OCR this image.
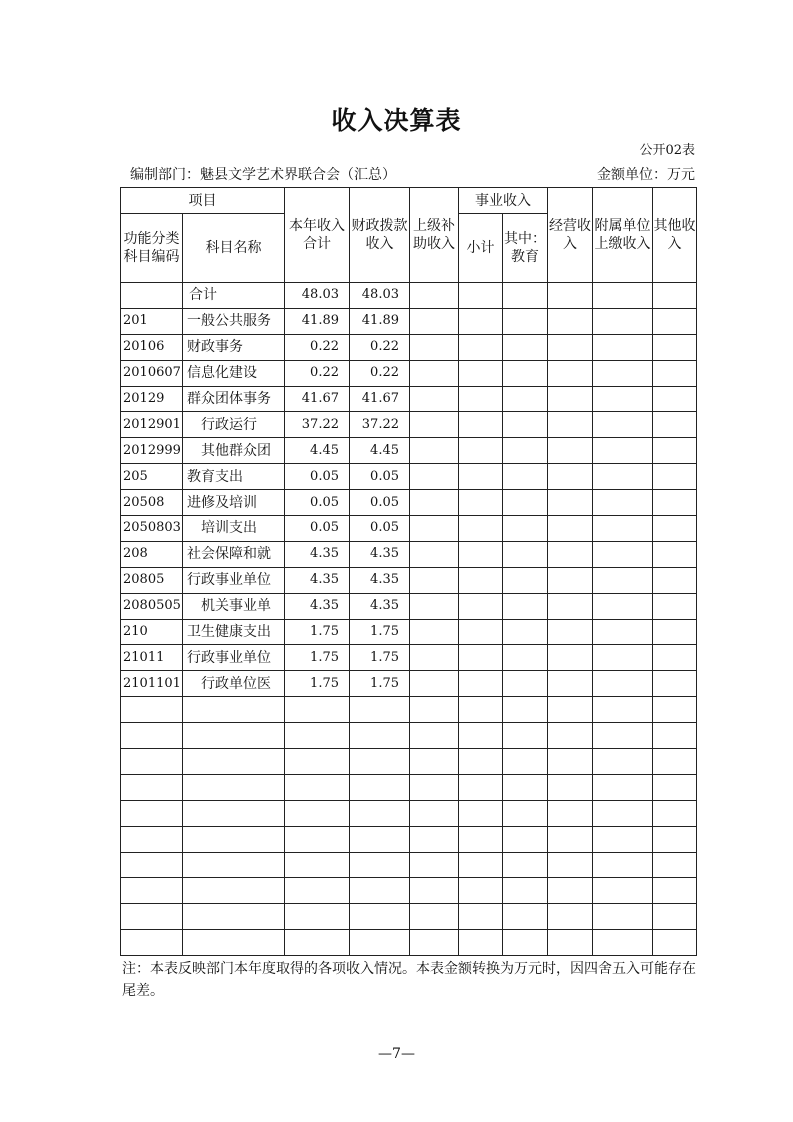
收入决算表
公开02表
编制部门：魅县文学艺术界联合会（汇总）	金额单位：万元
项目		本年收入合计	财政拨款收入	上级补助收入	事业收入		经营收入	附属单位上缴收入	其他收入
功能分类科目编码	科目名称				小计	其中：教育			

	合计	48.03	48.03						
201	一般公共服务	41.89	41.89						
20106	财政事务	0.22	0.22						
2010607	信息化建设	0.22	0.22						
20129	群众团体事务	41.67	41.67						
2012901	行政运行	37.22	37.22						
2012999	其他群众团	4.45	4.45						
205	教育支出	0.05	0.05						
20508	进修及培训	0.05	0.05						
2050803	培训支出	0.05	0.05						
208	社会保障和就	4.35	4.35						
20805	行政事业单位	4.35	4.35						
2080505	机关事业单	4.35	4.35						
210	卫生健康支出	1.75	1.75						
21011	行政事业单位	1.75	1.75						
2101101	行政单位医	1.75	1.75						

注：本表反映部门本年度取得的各项收入情况。本表金额转换为万元时，因四舍五入可能存在尾差。
—7—
